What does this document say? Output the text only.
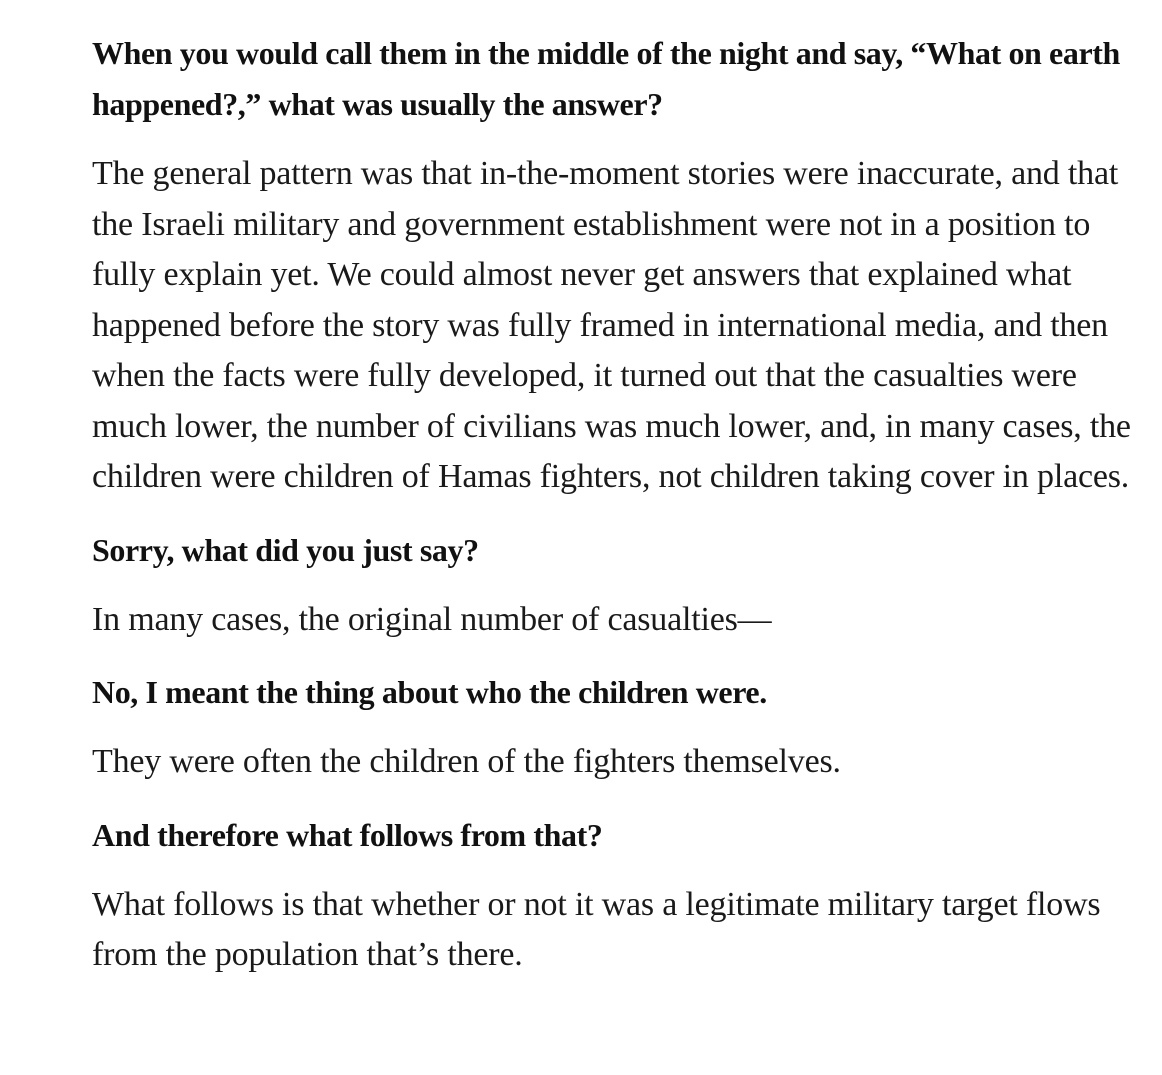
When you would call them in the middle of the night and say, “What on earth happened?,” what was usually the answer?

The general pattern was that in-the-moment stories were inaccurate, and that the Israeli military and government establishment were not in a position to fully explain yet. We could almost never get answers that explained what happened before the story was fully framed in international media, and then when the facts were fully developed, it turned out that the casualties were much lower, the number of civilians was much lower, and, in many cases, the children were children of Hamas fighters, not children taking cover in places.

Sorry, what did you just say?

In many cases, the original number of casualties—

No, I meant the thing about who the children were.

They were often the children of the fighters themselves.

And therefore what follows from that?

What follows is that whether or not it was a legitimate military target flows from the population that’s there.
